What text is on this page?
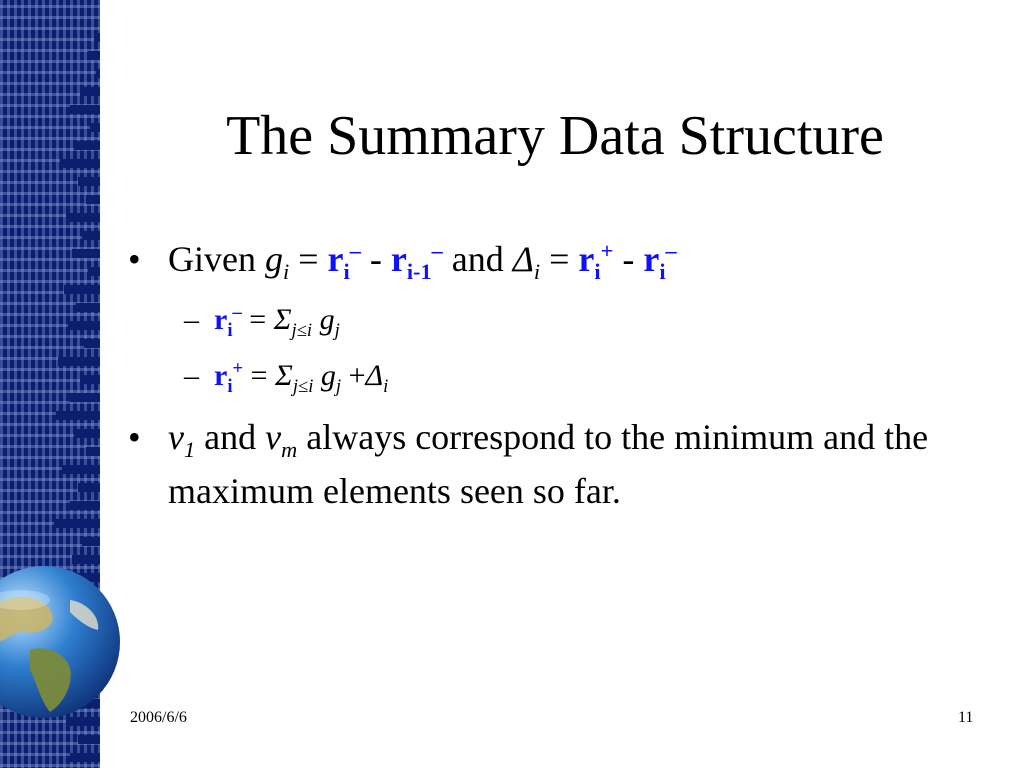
The Summary Data Structure
• Given $g_i = r_i^- - r_{i-1}^-$ and $\Delta_i = r_i^+ - r_i^-$
– $r_i^- = \Sigma_{j\le i}$ $g_j$
– $r_i^+ = \Sigma_{j\le i}$ $g_j +\Delta_i$
• $v_1$ and $v_m$ always correspond to the minimum and the maximum elements seen so far.
2006/6/6	11
